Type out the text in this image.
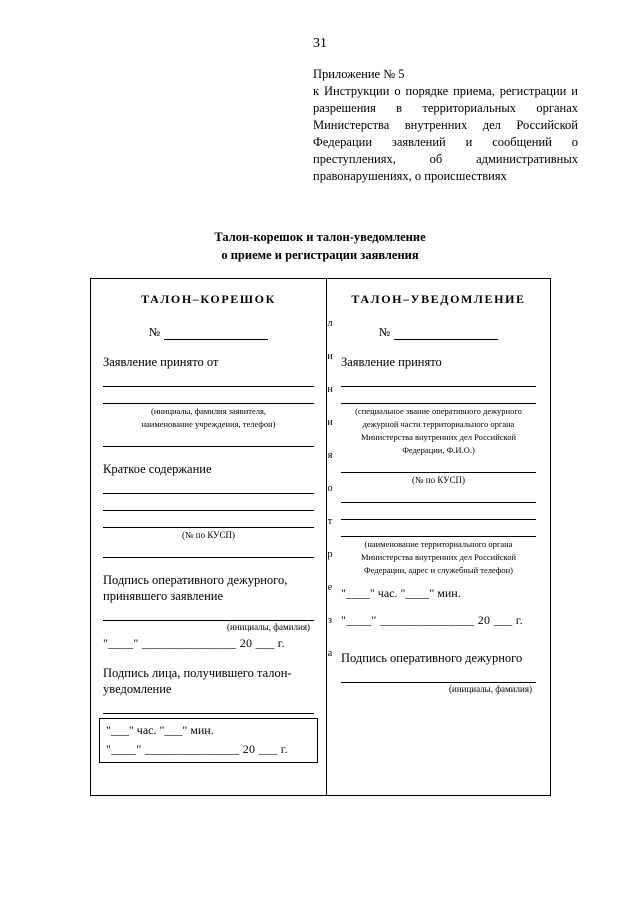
31
Приложение № 5
к Инструкции о порядке приема, регистрации и разрешения в территориальных органах Министерства внутренних дел Российской Федерации заявлений и сообщений о преступлениях, об административных правонарушениях, о происшествиях
Талон-корешок и талон-уведомление
о приеме и регистрации заявления
ТАЛОН–КОРЕШОК
№
Заявление принято от
(инициалы, фамилия заявителя,
наименование учреждения, телефон)
Краткое содержание
(№ по КУСП)
Подпись оперативного дежурного,
принявшего заявление
(инициалы, фамилия)
"____" _______________ 20 ___ г.
Подпись лица, получившего талон-
уведомление
"___" час. "___" мин.
"____" _______________ 20 ___ г.
ТАЛОН–УВЕДОМЛЕНИЕ
№
Заявление принято
(специальное звание оперативного дежурного
дежурной части территориального органа
Министерства внутренних дел Российской
Федерации, Ф.И.О.)
(№ по КУСП)
(наименование территориального органа
Министерства внутренних дел Российской
Федерации, адрес и служебный телефон)
"____" час. "____" мин.
"____" _______________ 20 ___ г.
Подпись оперативного дежурного
(инициалы, фамилия)
л
и
н
и
я
о
т
р
е
з
а
